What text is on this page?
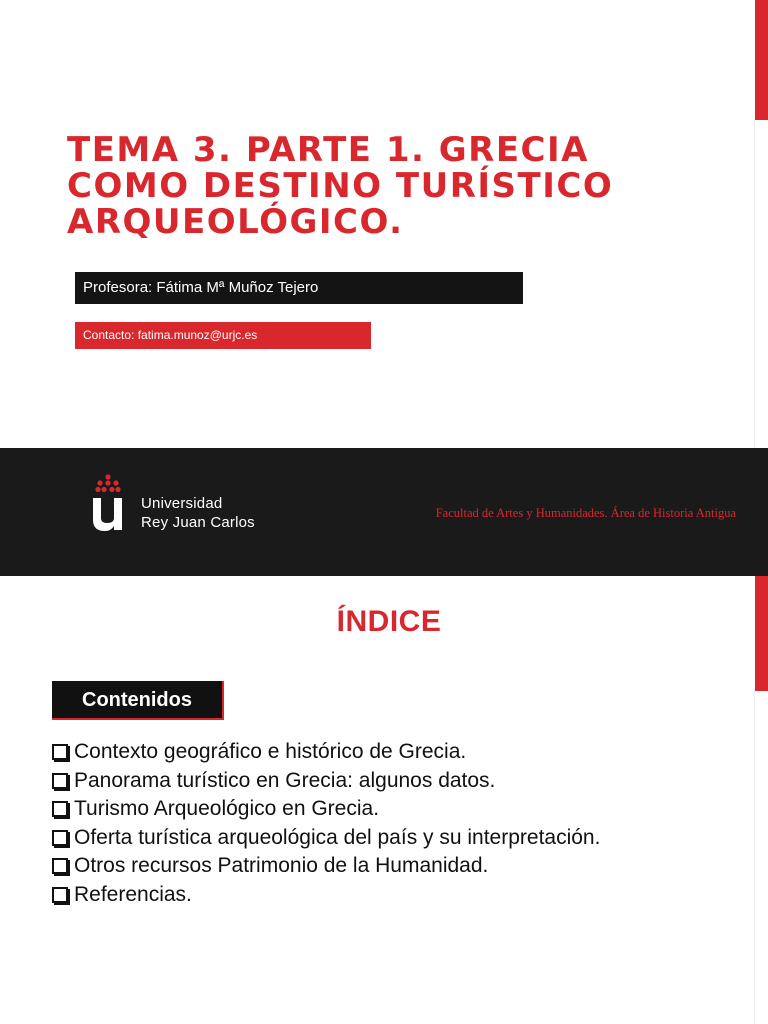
TEMA 3. PARTE 1. GRECIA
COMO DESTINO TURÍSTICO
ARQUEOLÓGICO.
Profesora: Fátima Mª Muñoz Tejero
Contacto: fatima.munoz@urjc.es
Universidad
Rey Juan Carlos
Facultad de Artes y Humanidades. Área de Historia Antigua
ÍNDICE
Contenidos
Contexto geográfico e histórico de Grecia.
Panorama turístico en Grecia: algunos datos.
Turismo Arqueológico en Grecia.
Oferta turística arqueológica del país y su interpretación.
Otros recursos Patrimonio de la Humanidad.
Referencias.
